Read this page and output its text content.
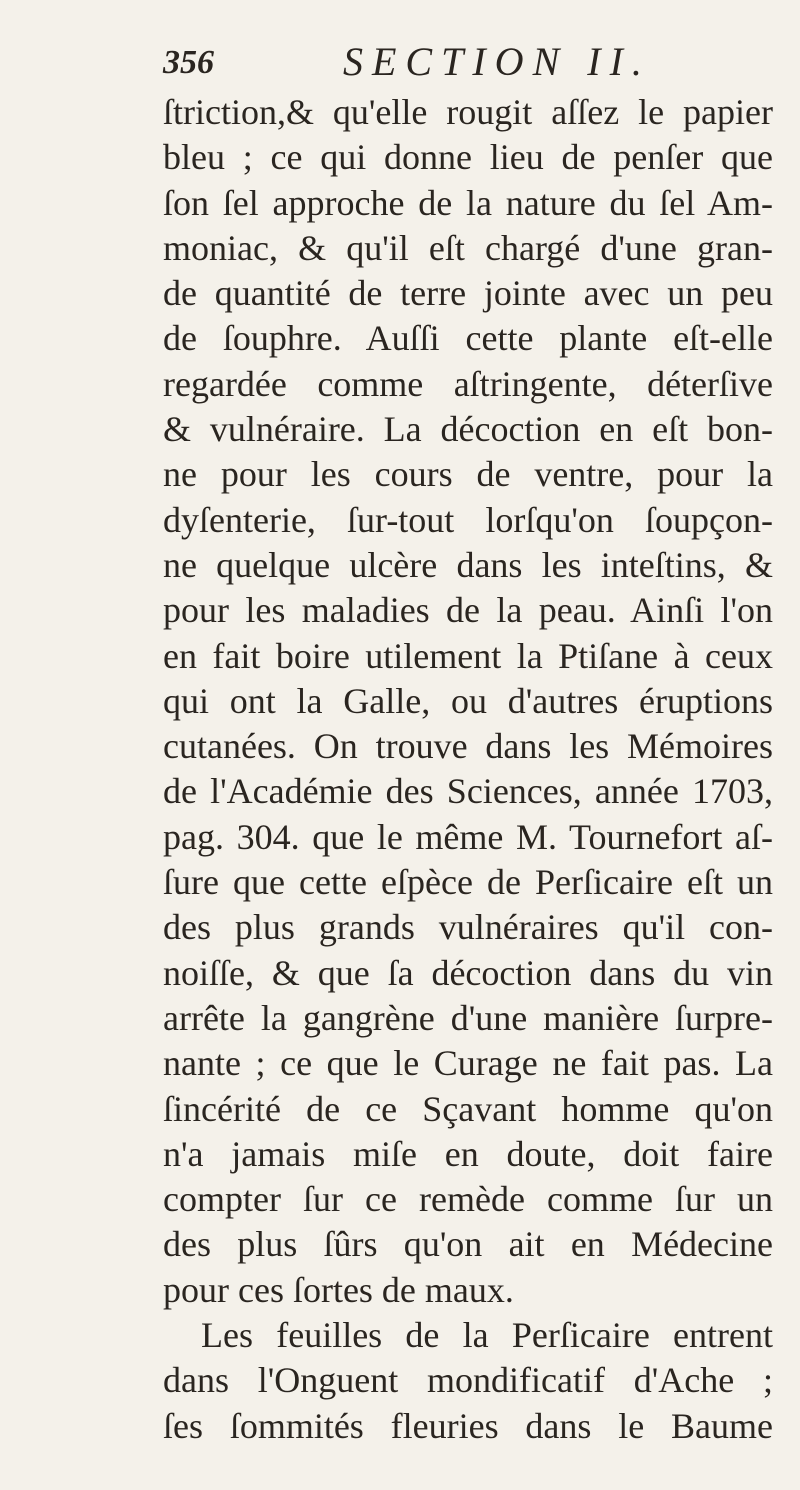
356	SECTION II.
ſtriction,& qu'elle rougit aſſez le papier
bleu ; ce qui donne lieu de penſer que
ſon ſel approche de la nature du ſel Am-
moniac, & qu'il eſt chargé d'une gran-
de quantité de terre jointe avec un peu
de ſouphre. Auſſi cette plante eſt-elle
regardée comme aſtringente, déterſive
& vulnéraire. La décoction en eſt bon-
ne pour les cours de ventre, pour la
dyſenterie, ſur-tout lorſqu'on ſoupçon-
ne quelque ulcère dans les inteſtins, &
pour les maladies de la peau. Ainſi l'on
en fait boire utilement la Ptiſane à ceux
qui ont la Galle, ou d'autres éruptions
cutanées. On trouve dans les Mémoires
de l'Académie des Sciences, année 1703,
pag. 304. que le même M. Tournefort aſ-
ſure que cette eſpèce de Perſicaire eſt un
des plus grands vulnéraires qu'il con-
noiſſe, & que ſa décoction dans du vin
arrête la gangrène d'une manière ſurpre-
nante ; ce que le Curage ne fait pas. La
ſincérité de ce Sçavant homme qu'on
n'a jamais miſe en doute, doit faire
compter ſur ce remède comme ſur un
des plus ſûrs qu'on ait en Médecine
pour ces ſortes de maux.
Les feuilles de la Perſicaire entrent
dans l'Onguent mondificatif d'Ache ;
ſes ſommités fleuries dans le Baume
